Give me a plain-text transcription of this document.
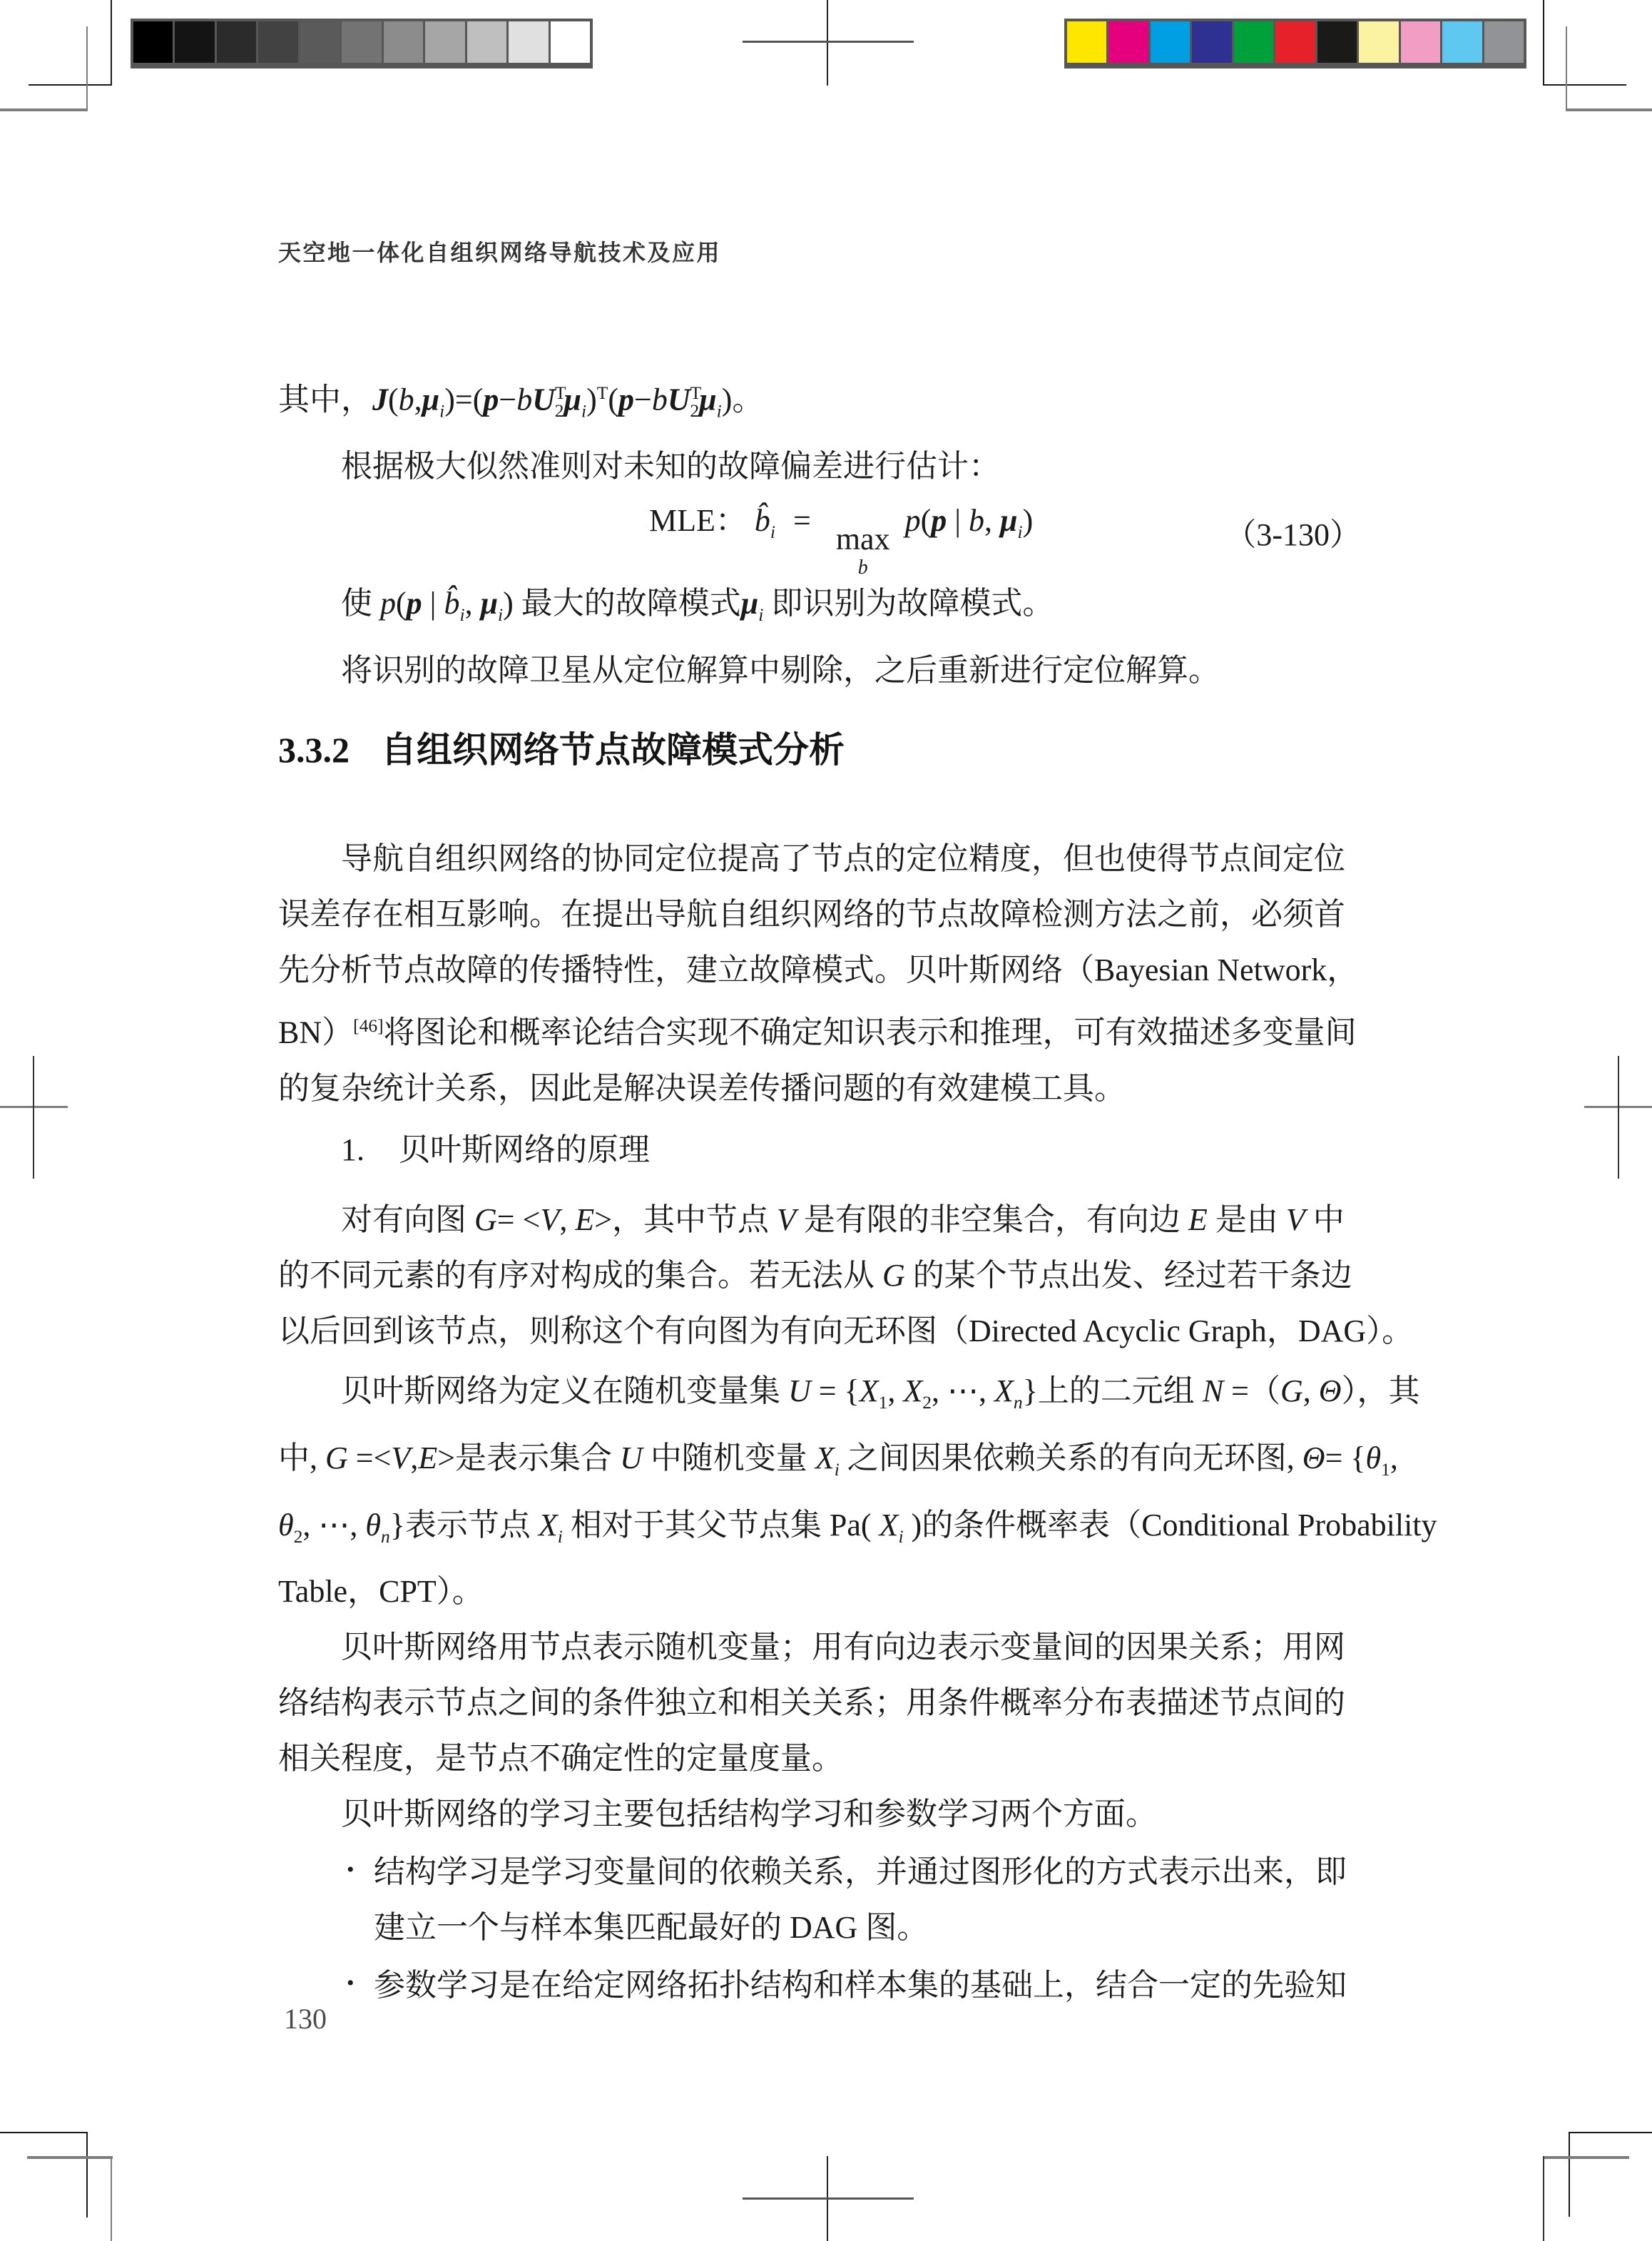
天空地一体化自组织网络导航技术及应用
其中，$J(b,\mu_i)=(p-bU^T_2\mu_i)^T(p-bU^T_2\mu_i)$。
根据极大似然准则对未知的故障偏差进行估计：
MLE： $b̂_i$ =
max
b
p(p | b, $\mu_i$)	（3-130）
使 p(p | $b̂_i$, $\mu_i$) 最大的故障模式$\mu_i$ 即识别为故障模式。
将识别的故障卫星从定位解算中剔除，之后重新进行定位解算。
3.3.2 自组织网络节点故障模式分析
导航自组织网络的协同定位提高了节点的定位精度，但也使得节点间定位
误差存在相互影响。在提出导航自组织网络的节点故障检测方法之前，必须首
先分析节点故障的传播特性，建立故障模式。贝叶斯网络（Bayesian Network，
BN）[46]将图论和概率论结合实现不确定知识表示和推理，可有效描述多变量间
的复杂统计关系，因此是解决误差传播问题的有效建模工具。
1. 贝叶斯网络的原理
对有向图 G= <V, E>，其中节点 V 是有限的非空集合，有向边 E 是由 V 中
的不同元素的有序对构成的集合。若无法从 G 的某个节点出发、经过若干条边
以后回到该节点，则称这个有向图为有向无环图（Directed Acyclic Graph，DAG）。
贝叶斯网络为定义在随机变量集 $U = \{X_1$, $X_2$, ⋯, $X_n$}上的二元组 N =（G, Θ），其
中, G =<V,E>是表示集合 U 中随机变量 $X_i$ 之间因果依赖关系的有向无环图, $\Theta= \{\theta_1$,
$\theta_2$, ⋯, $\theta_n$}表示节点 $X_i$ 相对于其父节点集 Pa( $X_i$ )的条件概率表（Conditional Probability
Table，CPT）。
贝叶斯网络用节点表示随机变量；用有向边表示变量间的因果关系；用网
络结构表示节点之间的条件独立和相关关系；用条件概率分布表描述节点间的
相关程度，是节点不确定性的定量度量。
贝叶斯网络的学习主要包括结构学习和参数学习两个方面。
• 结构学习是学习变量间的依赖关系，并通过图形化的方式表示出来，即
建立一个与样本集匹配最好的 DAG 图。
• 参数学习是在给定网络拓扑结构和样本集的基础上，结合一定的先验知
130
